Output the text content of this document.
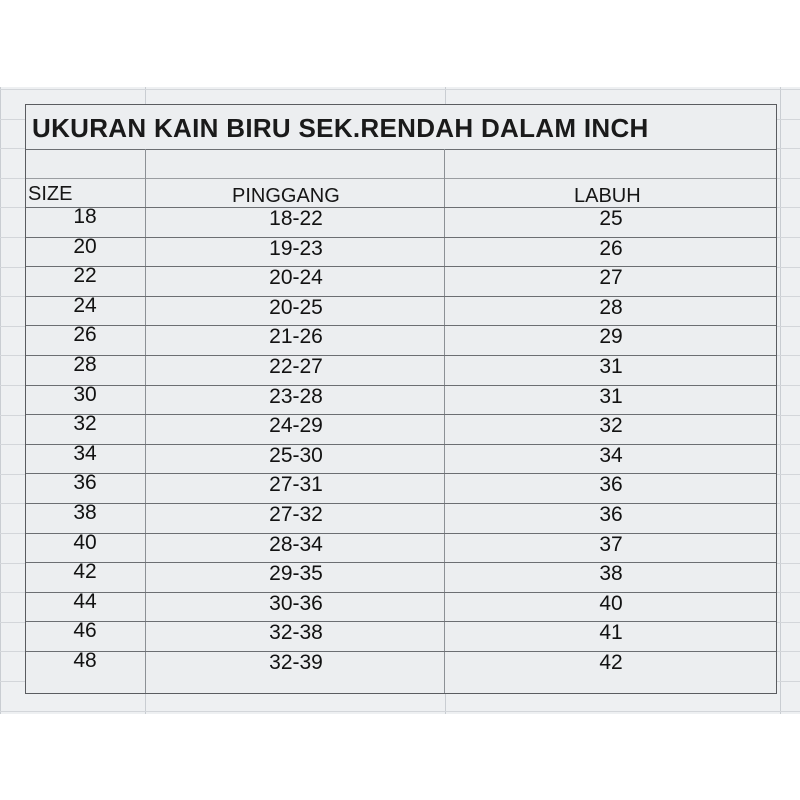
UKURAN KAIN BIRU SEK.RENDAH DALAM INCH
SIZE	PINGGANG	LABUH
18	18-22	25
20	19-23	26
22	20-24	27
24	20-25	28
26	21-26	29
28	22-27	31
30	23-28	31
32	24-29	32
34	25-30	34
36	27-31	36
38	27-32	36
40	28-34	37
42	29-35	38
44	30-36	40
46	32-38	41
48	32-39	42
